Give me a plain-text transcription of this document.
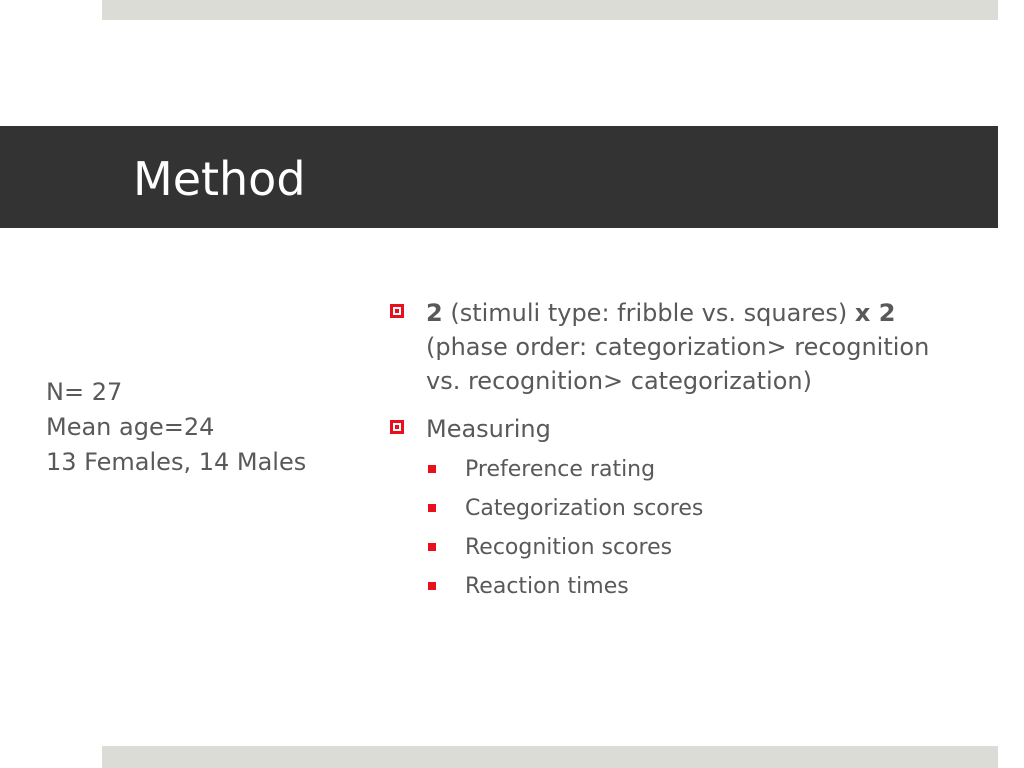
Method
N= 27
Mean age=24
13 Females, 14 Males
2 (stimuli type: fribble vs. squares) x 2 (phase order: categorization> recognition vs. recognition> categorization)
Measuring
Preference rating
Categorization scores
Recognition scores
Reaction times
